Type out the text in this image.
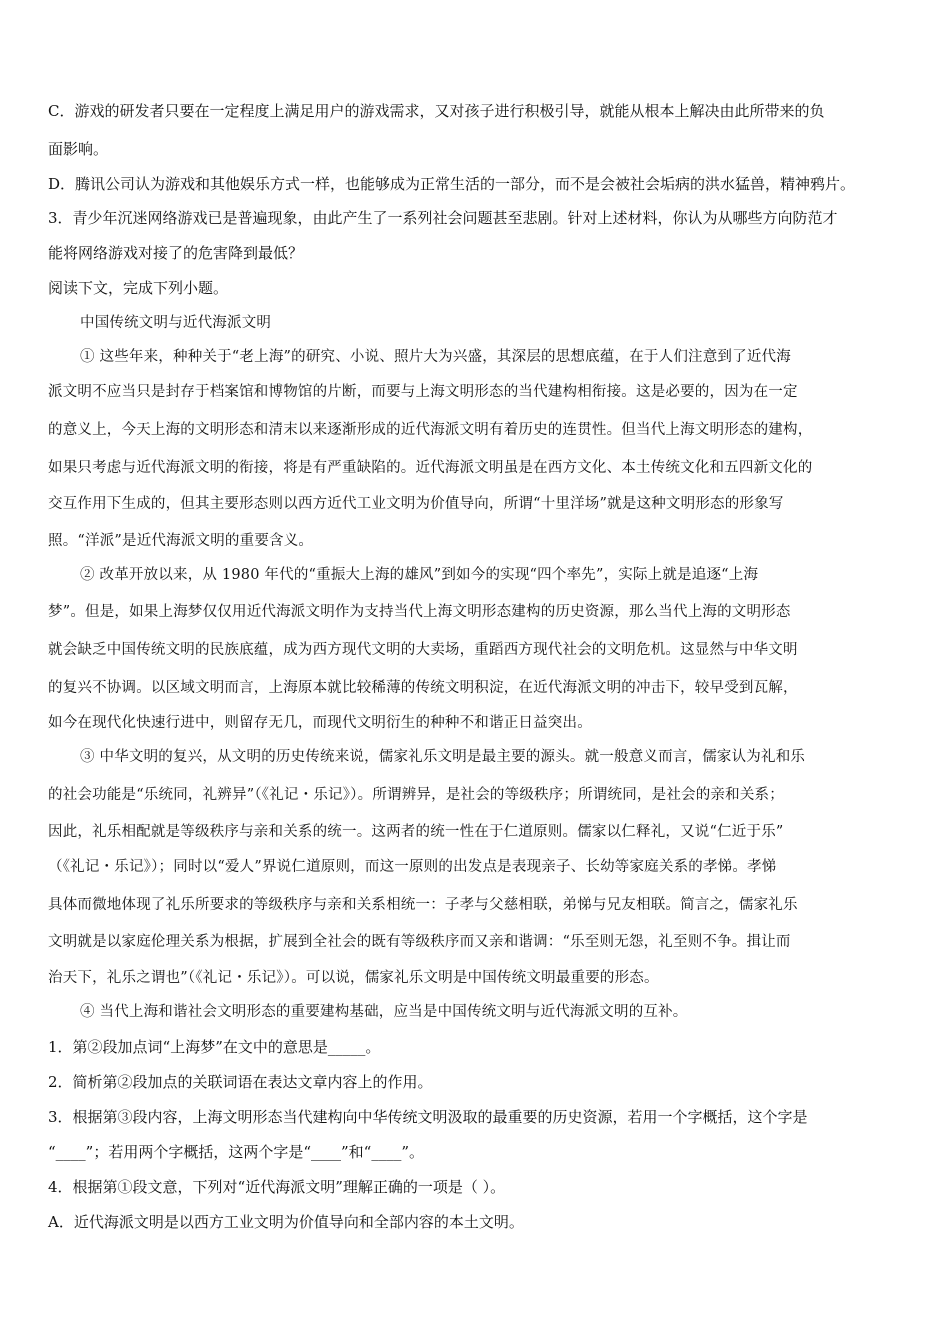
C．游戏的研发者只要在一定程度上满足用户的游戏需求，又对孩子进行积极引导，就能从根本上解决由此所带来的负
面影响。
D．腾讯公司认为游戏和其他娱乐方式一样，也能够成为正常生活的一部分，而不是会被社会垢病的洪水猛兽，精神鸦片。
3．青少年沉迷网络游戏已是普遍现象，由此产生了一系列社会问题甚至悲剧。针对上述材料，你认为从哪些方向防范才
能将网络游戏对接了的危害降到最低？
阅读下文，完成下列小题。
中国传统文明与近代海派文明
① 这些年来，种种关于“老上海”的研究、小说、照片大为兴盛，其深层的思想底蕴，在于人们注意到了近代海
派文明不应当只是封存于档案馆和博物馆的片断，而要与上海文明形态的当代建构相衔接。这是必要的，因为在一定
的意义上，今天上海的文明形态和清末以来逐渐形成的近代海派文明有着历史的连贯性。但当代上海文明形态的建构，
如果只考虑与近代海派文明的衔接，将是有严重缺陷的。近代海派文明虽是在西方文化、本土传统文化和五四新文化的
交互作用下生成的，但其主要形态则以西方近代工业文明为价值导向，所谓“十里洋场”就是这种文明形态的形象写
照。“洋派”是近代海派文明的重要含义。
② 改革开放以来，从 1980 年代的“重振大上海的雄风”到如今的实现“四个率先”，实际上就是追逐“上海
梦”。但是，如果上海梦仅仅用近代海派文明作为支持当代上海文明形态建构的历史资源，那么当代上海的文明形态
就会缺乏中国传统文明的民族底蕴，成为西方现代文明的大卖场，重蹈西方现代社会的文明危机。这显然与中华文明
的复兴不协调。以区域文明而言，上海原本就比较稀薄的传统文明积淀，在近代海派文明的冲击下，较早受到瓦解，
如今在现代化快速行进中，则留存无几，而现代文明衍生的种种不和谐正日益突出。
③ 中华文明的复兴，从文明的历史传统来说，儒家礼乐文明是最主要的源头。就一般意义而言，儒家认为礼和乐
的社会功能是“乐统同，礼辨异”（《礼记・乐记》）。所谓辨异，是社会的等级秩序；所谓统同，是社会的亲和关系；
因此，礼乐相配就是等级秩序与亲和关系的统一。这两者的统一性在于仁道原则。儒家以仁释礼，又说“仁近于乐”
（《礼记・乐记》）；同时以“爱人”界说仁道原则，而这一原则的出发点是表现亲子、长幼等家庭关系的孝悌。孝悌
具体而微地体现了礼乐所要求的等级秩序与亲和关系相统一：子孝与父慈相联，弟悌与兄友相联。简言之，儒家礼乐
文明就是以家庭伦理关系为根据，扩展到全社会的既有等级秩序而又亲和谐调：“乐至则无怨，礼至则不争。揖让而
治天下，礼乐之谓也”（《礼记・乐记》）。可以说，儒家礼乐文明是中国传统文明最重要的形态。
④ 当代上海和谐社会文明形态的重要建构基础，应当是中国传统文明与近代海派文明的互补。
1．第②段加点词“上海梦”在文中的意思是_____。
2．简析第②段加点的关联词语在表达文章内容上的作用。
3．根据第③段内容，上海文明形态当代建构向中华传统文明汲取的最重要的历史资源，若用一个字概括，这个字是
“____”；若用两个字概括，这两个字是“____”和“____”。
4．根据第①段文意，下列对“近代海派文明”理解正确的一项是（ ）。
A．近代海派文明是以西方工业文明为价值导向和全部内容的本土文明。
